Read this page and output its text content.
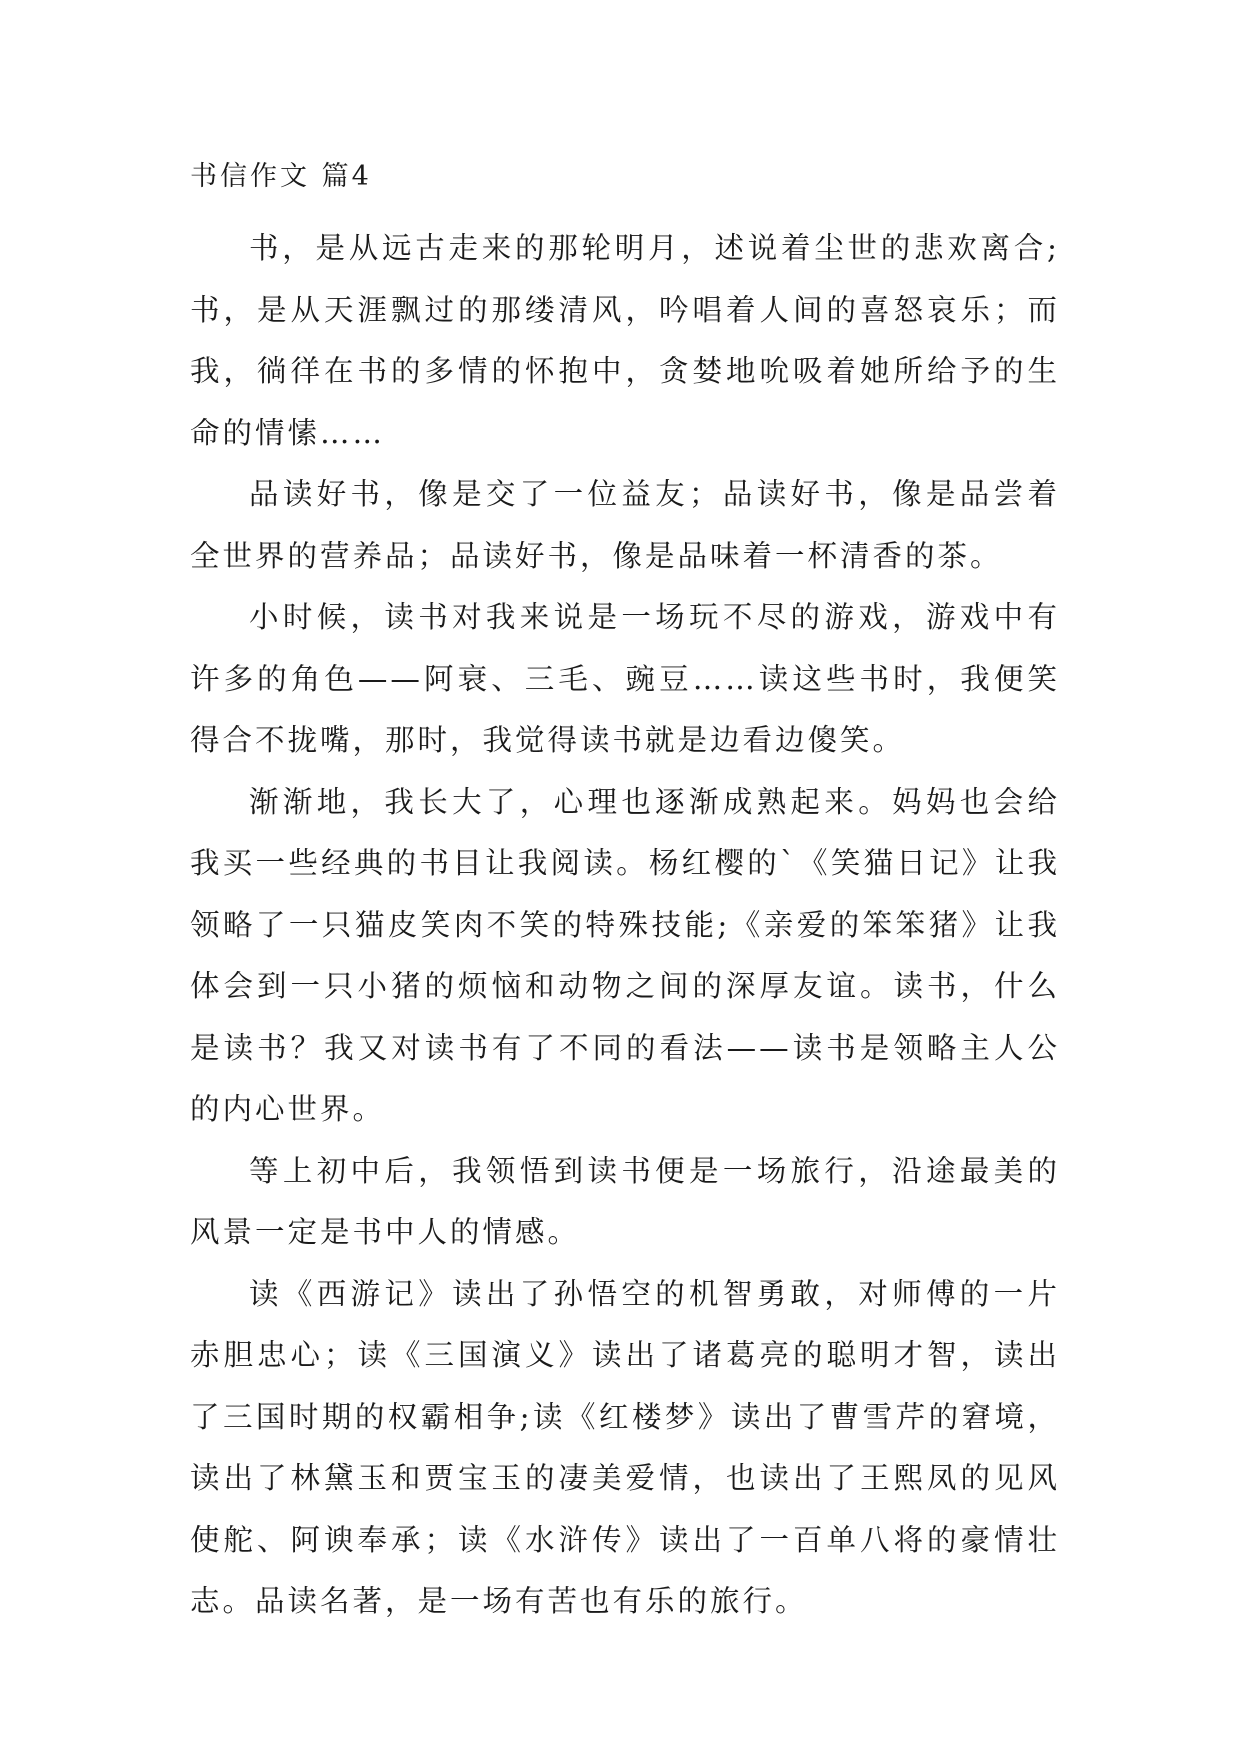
书信作文 篇4

书，是从远古走来的那轮明月，述说着尘世的悲欢离合;书，是从天涯飘过的那缕清风，吟唱着人间的喜怒哀乐；而我，徜徉在书的多情的怀抱中，贪婪地吮吸着她所给予的生命的情愫……

品读好书，像是交了一位益友；品读好书，像是品尝着全世界的营养品；品读好书，像是品味着一杯清香的茶。

小时候，读书对我来说是一场玩不尽的游戏，游戏中有许多的角色——阿衰、三毛、豌豆……读这些书时，我便笑得合不拢嘴，那时，我觉得读书就是边看边傻笑。

渐渐地，我长大了，心理也逐渐成熟起来。妈妈也会给我买一些经典的书目让我阅读。杨红樱的`《笑猫日记》让我领略了一只猫皮笑肉不笑的特殊技能;《亲爱的笨笨猪》让我体会到一只小猪的烦恼和动物之间的深厚友谊。读书，什么是读书？我又对读书有了不同的看法——读书是领略主人公的内心世界。

等上初中后，我领悟到读书便是一场旅行，沿途最美的风景一定是书中人的情感。

读《西游记》读出了孙悟空的机智勇敢，对师傅的一片赤胆忠心；读《三国演义》读出了诸葛亮的聪明才智，读出了三国时期的权霸相争;读《红楼梦》读出了曹雪芹的窘境，读出了林黛玉和贾宝玉的凄美爱情，也读出了王熙凤的见风使舵、阿谀奉承；读《水浒传》读出了一百单八将的豪情壮志。品读名著，是一场有苦也有乐的旅行。
